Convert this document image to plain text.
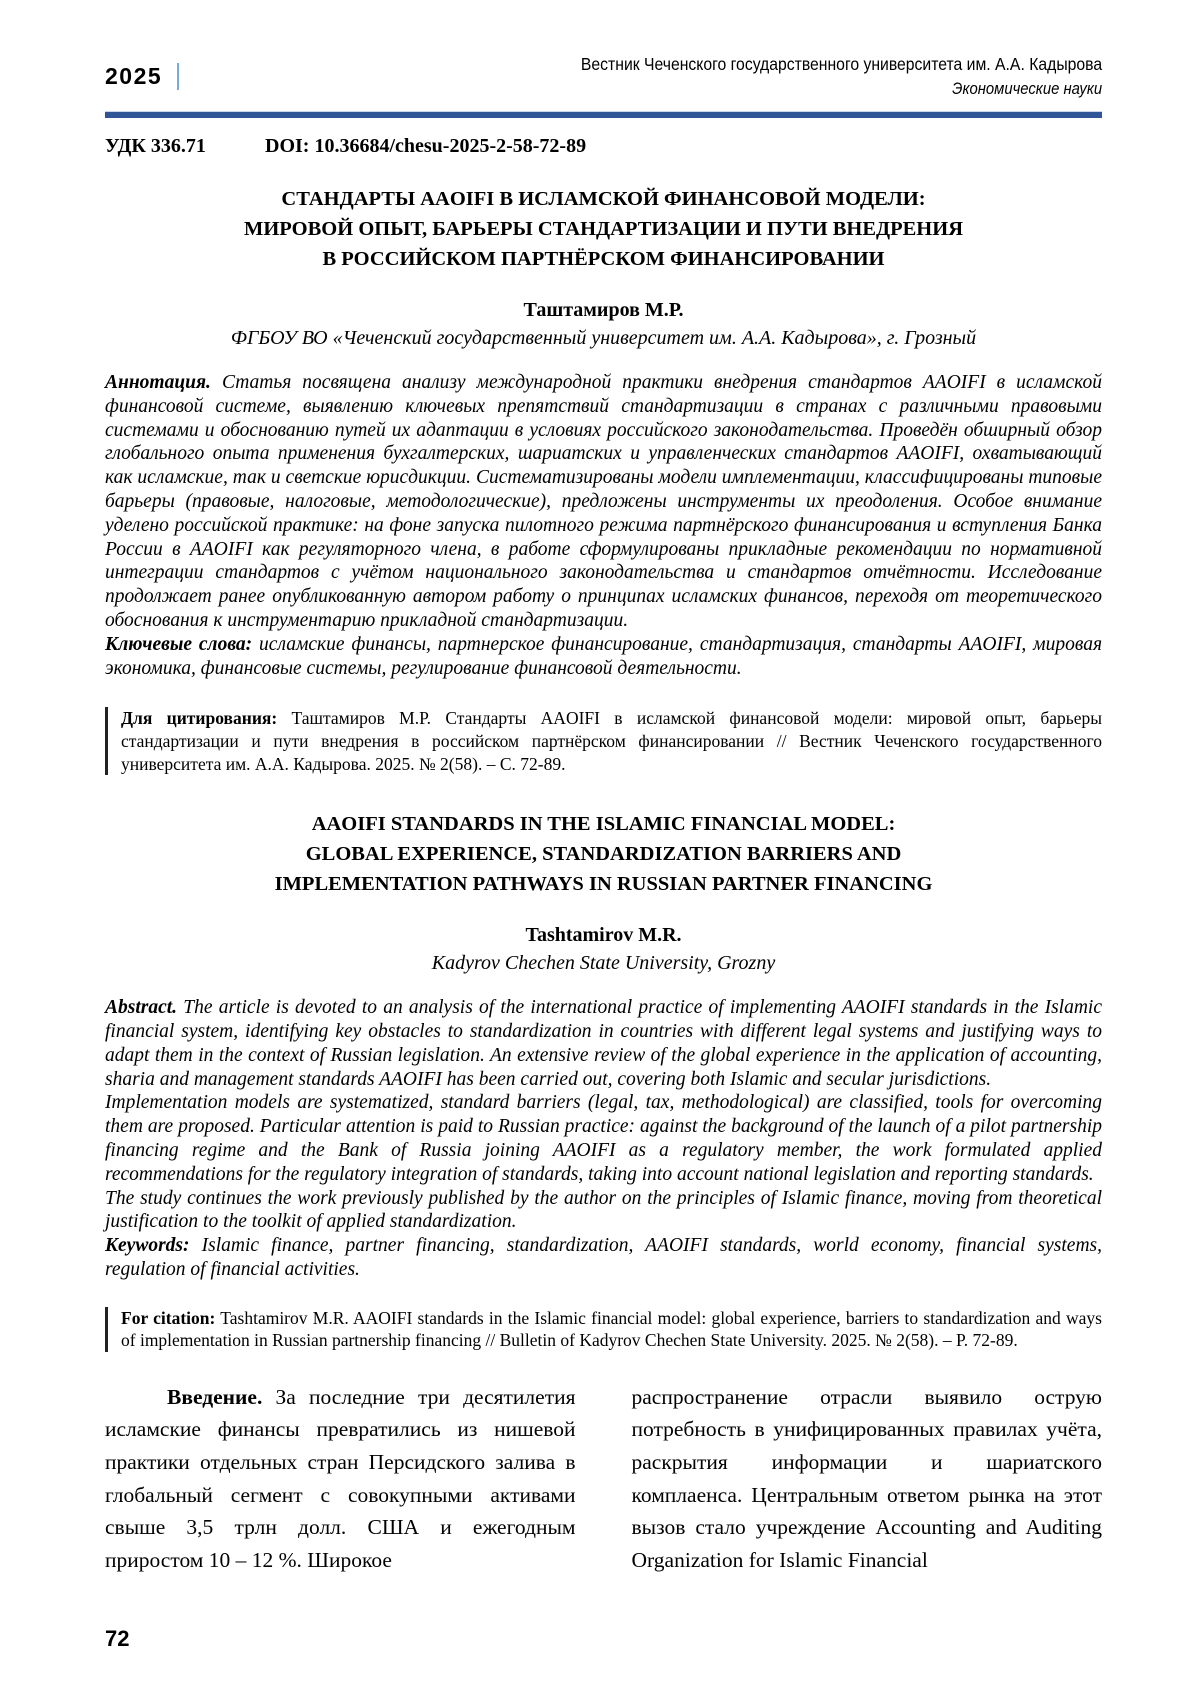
2025	Вестник Чеченского государственного университета им. А.А. Кадырова
Экономические науки
УДК 336.71	DOI: 10.36684/chesu-2025-2-58-72-89
СТАНДАРТЫ AAOIFI В ИСЛАМСКОЙ ФИНАНСОВОЙ МОДЕЛИ:
МИРОВОЙ ОПЫТ, БАРЬЕРЫ СТАНДАРТИЗАЦИИ И ПУТИ ВНЕДРЕНИЯ
В РОССИЙСКОМ ПАРТНЁРСКОМ ФИНАНСИРОВАНИИ
Таштамиров М.Р.
ФГБОУ ВО «Чеченский государственный университет им. А.А. Кадырова», г. Грозный

Аннотация. Статья посвящена анализу международной практики внедрения стандартов AAOIFI в исламской финансовой системе, выявлению ключевых препятствий стандартизации в странах с различными правовыми системами и обоснованию путей их адаптации в условиях российского законодательства. Проведён обширный обзор глобального опыта применения бухгалтерских, шариатских и управленческих стандартов AAOIFI, охватывающий как исламские, так и светские юрисдикции. Систематизированы модели имплементации, классифицированы типовые барьеры (правовые, налоговые, методологические), предложены инструменты их преодоления. Особое внимание уделено российской практике: на фоне запуска пилотного режима партнёрского финансирования и вступления Банка России в AAOIFI как регуляторного члена, в работе сформулированы прикладные рекомендации по нормативной интеграции стандартов с учётом национального законодательства и стандартов отчётности. Исследование продолжает ранее опубликованную автором работу о принципах исламских финансов, переходя от теоретического обоснования к инструментарию прикладной стандартизации.

Ключевые слова: исламские финансы, партнерское финансирование, стандартизация, стандарты AAOIFI, мировая экономика, финансовые системы, регулирование финансовой деятельности.

Для цитирования: Таштамиров М.Р. Стандарты AAOIFI в исламской финансовой модели: мировой опыт, барьеры стандартизации и пути внедрения в российском партнёрском финансировании // Вестник Чеченского государственного университета им. А.А. Кадырова. 2025. № 2(58). – С. 72-89.
AAOIFI STANDARDS IN THE ISLAMIC FINANCIAL MODEL:
GLOBAL EXPERIENCE, STANDARDIZATION BARRIERS AND
IMPLEMENTATION PATHWAYS IN RUSSIAN PARTNER FINANCING
Tashtamirov M.R.
Kadyrov Chechen State University, Grozny

Abstract. The article is devoted to an analysis of the international practice of implementing AAOIFI standards in the Islamic financial system, identifying key obstacles to standardization in countries with different legal systems and justifying ways to adapt them in the context of Russian legislation. An extensive review of the global experience in the application of accounting, sharia and management standards AAOIFI has been carried out, covering both Islamic and secular jurisdictions.

Implementation models are systematized, standard barriers (legal, tax, methodological) are classified, tools for overcoming them are proposed. Particular attention is paid to Russian practice: against the background of the launch of a pilot partnership financing regime and the Bank of Russia joining AAOIFI as a regulatory member, the work formulated applied recommendations for the regulatory integration of standards, taking into account national legislation and reporting standards.

The study continues the work previously published by the author on the principles of Islamic finance, moving from theoretical justification to the toolkit of applied standardization.

Keywords: Islamic finance, partner financing, standardization, AAOIFI standards, world economy, financial systems, regulation of financial activities.

For citation: Tashtamirov M.R. AAOIFI standards in the Islamic financial model: global experience, barriers to standardization and ways of implementation in Russian partnership financing // Bulletin of Kadyrov Chechen State University. 2025. № 2(58). – P. 72-89.

Введение. За последние три десятилетия исламские финансы превратились из нишевой практики отдельных стран Персидского залива в глобальный сегмент с совокупными активами свыше 3,5 трлн долл. США и ежегодным приростом 10 – 12 %. Широкое

распространение отрасли выявило острую потребность в унифицированных правилах учёта, раскрытия информации и шариатского комплаенса. Центральным ответом рынка на этот вызов стало учреждение Accounting and Auditing Organization for Islamic Financial

72
